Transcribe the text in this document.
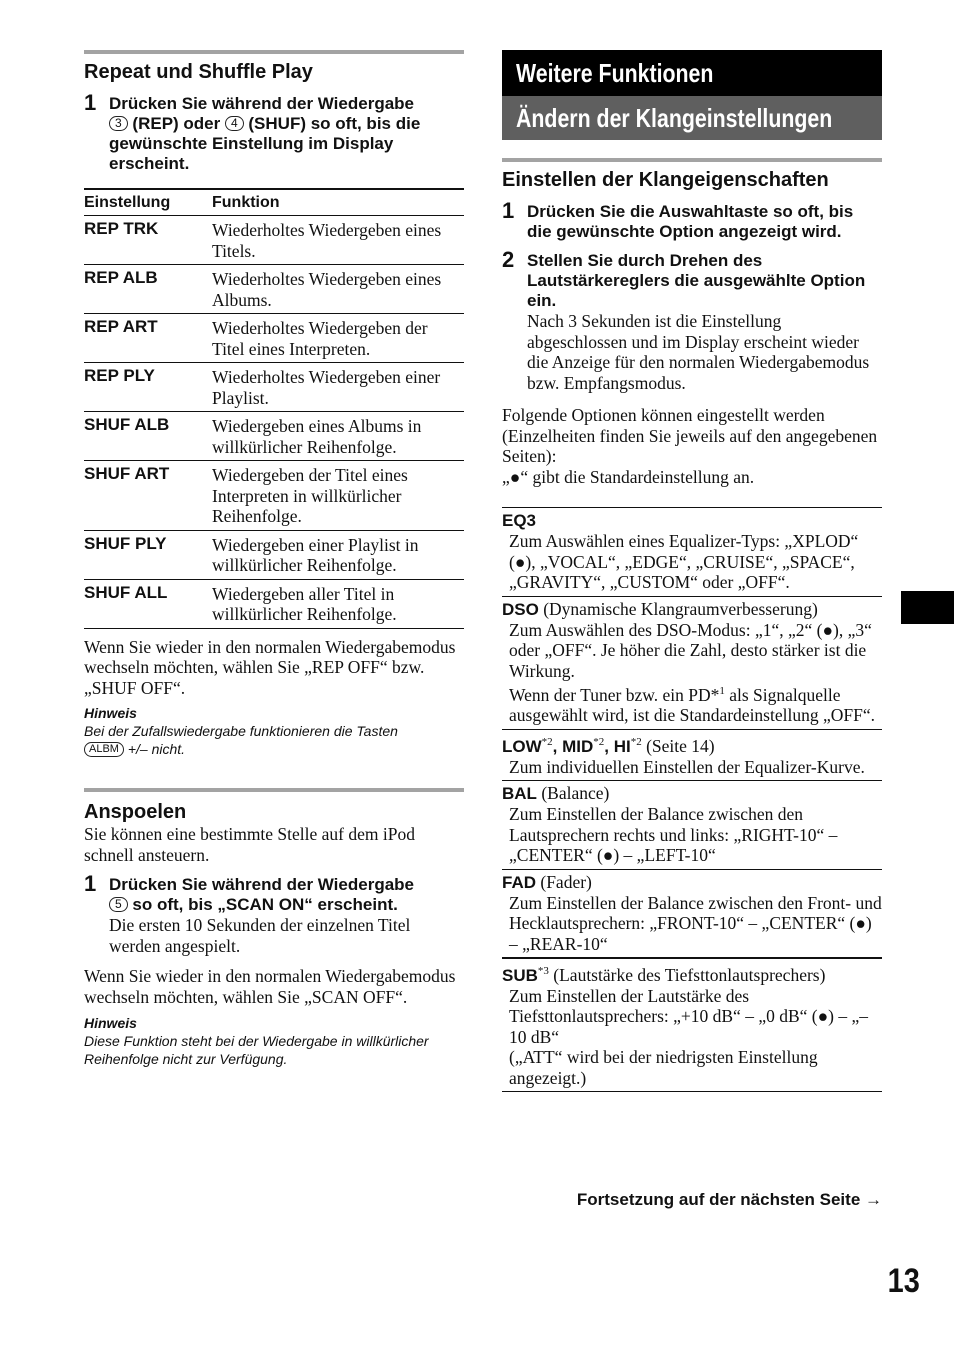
Repeat und Shuffle Play
1 Drücken Sie während der Wiedergabe
3 (REP) oder 4 (SHUF) so oft, bis die gewünschte Einstellung im Display erscheint.
Einstellung	Funktion
REP TRK	Wiederholtes Wiedergeben eines Titels.
REP ALB	Wiederholtes Wiedergeben eines Albums.
REP ART	Wiederholtes Wiedergeben der Titel eines Interpreten.
REP PLY	Wiederholtes Wiedergeben einer Playlist.
SHUF ALB	Wiedergeben eines Albums in willkürlicher Reihenfolge.
SHUF ART	Wiedergeben der Titel eines Interpreten in willkürlicher Reihenfolge.
SHUF PLY	Wiedergeben einer Playlist in willkürlicher Reihenfolge.
SHUF ALL	Wiedergeben aller Titel in willkürlicher Reihenfolge.

Wenn Sie wieder in den normalen Wiedergabemodus wechseln möchten, wählen Sie „REP OFF“ bzw. „SHUF OFF“.

Hinweis
Bei der Zufallswiedergabe funktionieren die Tasten
ALBM +/– nicht.
Anspoelen

Sie können eine bestimmte Stelle auf dem iPod schnell ansteuern.

1 Drücken Sie während der Wiedergabe
5 so oft, bis „SCAN ON“ erscheint.
Die ersten 10 Sekunden der einzelnen Titel werden angespielt.

Wenn Sie wieder in den normalen Wiedergabemodus wechseln möchten, wählen Sie „SCAN OFF“.

Hinweis
Diese Funktion steht bei der Wiedergabe in willkürlicher Reihenfolge nicht zur Verfügung.
Weitere Funktionen
Ändern der Klangeinstellungen
Einstellen der Klangeigenschaften
1 Drücken Sie die Auswahltaste so oft, bis die gewünschte Option angezeigt wird.
2 Stellen Sie durch Drehen des Lautstärkereglers die ausgewählte Option ein.
Nach 3 Sekunden ist die Einstellung abgeschlossen und im Display erscheint wieder die Anzeige für den normalen Wiedergabemodus bzw. Empfangsmodus.

Folgende Optionen können eingestellt werden (Einzelheiten finden Sie jeweils auf den angegebenen Seiten):

„●“ gibt die Standardeinstellung an.

EQ3
Zum Auswählen eines Equalizer-Typs: „XPLOD“ (●), „VOCAL“, „EDGE“, „CRUISE“, „SPACE“, „GRAVITY“, „CUSTOM“ oder „OFF“.
DSO (Dynamische Klangraumverbesserung)
Zum Auswählen des DSO-Modus: „1“, „2“ (●), „3“ oder „OFF“. Je höher die Zahl, desto stärker ist die Wirkung.
Wenn der Tuner bzw. ein PD*$^1$ als Signalquelle ausgewählt wird, ist die Standardeinstellung „OFF“.
LOW$^{*2}$, MID$^{*2}$, HI$^{*2}$ (Seite 14)
Zum individuellen Einstellen der Equalizer-Kurve.
BAL (Balance)
Zum Einstellen der Balance zwischen den Lautsprechern rechts und links: „RIGHT-10“ – „CENTER“ (●) – „LEFT-10“
FAD (Fader)
Zum Einstellen der Balance zwischen den Front- und Hecklautsprechern: „FRONT-10“ – „CENTER“ (●) – „REAR-10“
SUB$^{*3}$ (Lautstärke des Tiefsttonlautsprechers)
Zum Einstellen der Lautstärke des Tiefsttonlautsprechers: „+10 dB“ – „0 dB“ (●) – „–10 dB“
(„ATT“ wird bei der niedrigsten Einstellung angezeigt.)
Fortsetzung auf der nächsten Seite →
13
